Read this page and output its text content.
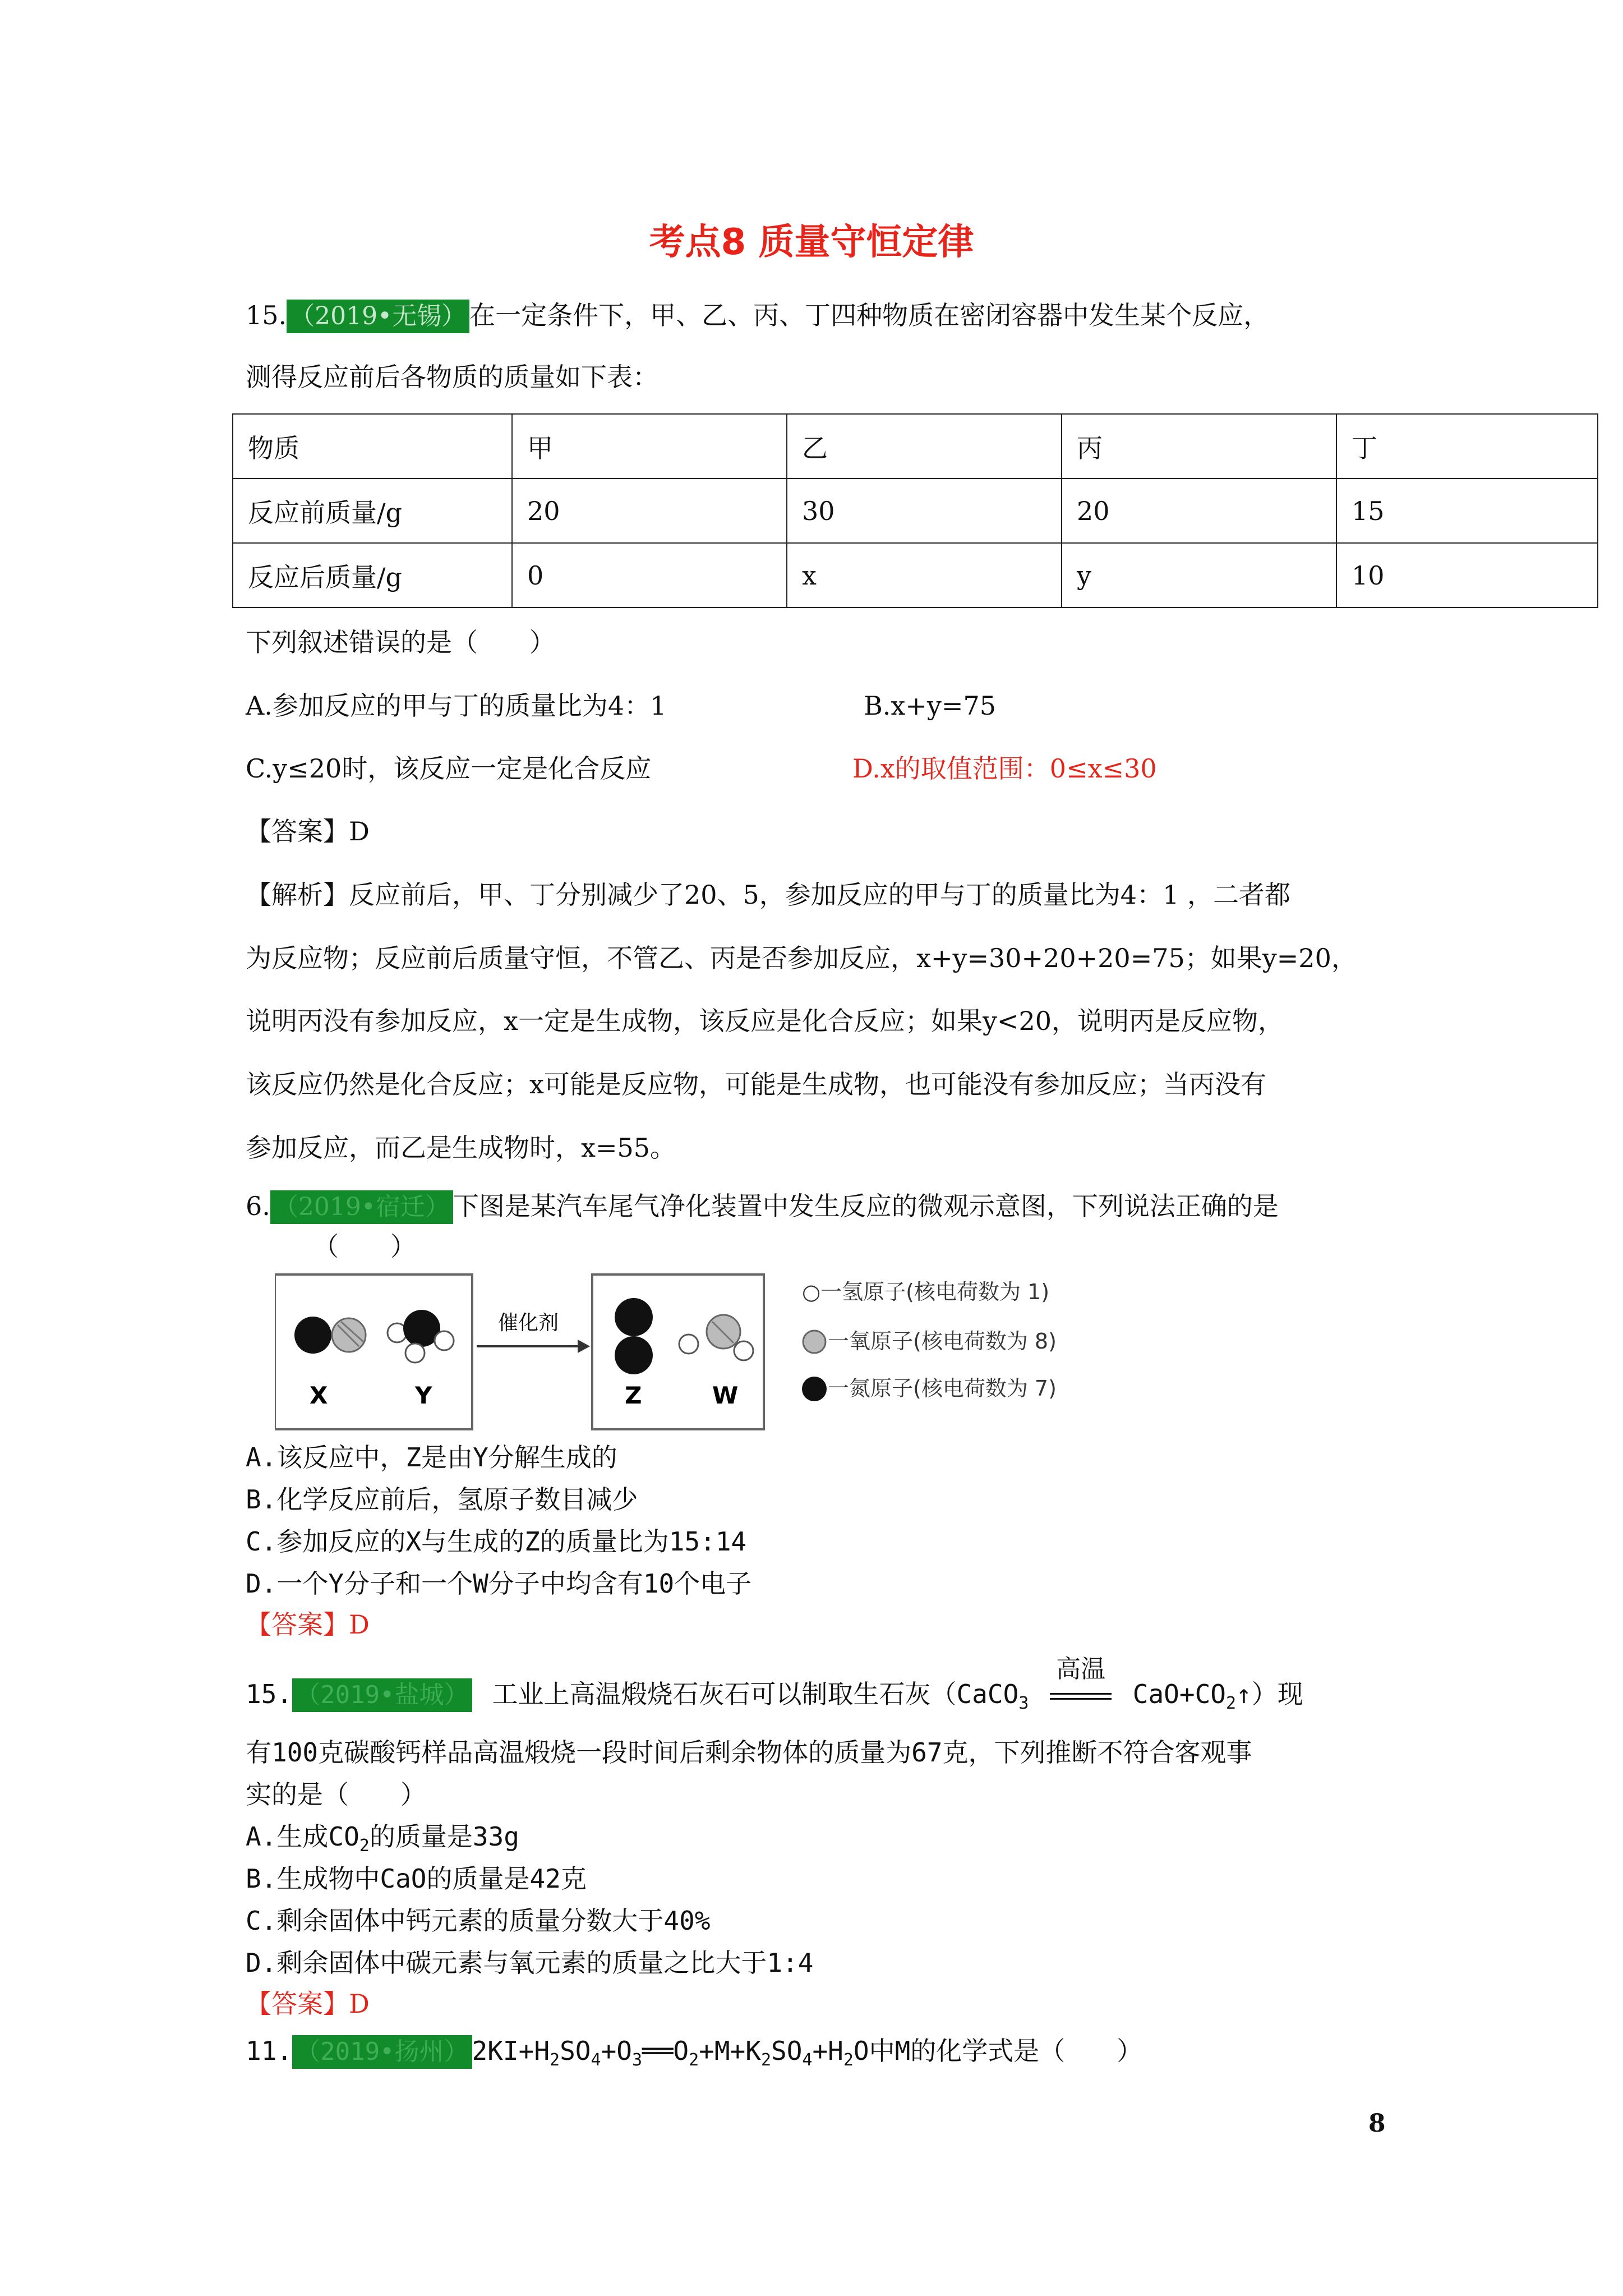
考点8 质量守恒定律
15. （2019•无锡） 在一定条件下，甲、乙、丙、丁四种物质在密闭容器中发生某个反应，
测得反应前后各物质的质量如下表：
物质	甲	乙	丙	丁
反应前质量/g	20	30	20	15
反应后质量/g	0	x	y	10
下列叙述错误的是（　　）
A.参加反应的甲与丁的质量比为4：1	B.x+y=75
C.y≤20时，该反应一定是化合反应	D.x的取值范围：0≤x≤30
【答案】D
【解析】反应前后，甲、丁分别减少了20、5，参加反应的甲与丁的质量比为4：1 ，二者都
为反应物；反应前后质量守恒，不管乙、丙是否参加反应，x+y=30+20+20=75；如果y=20，
说明丙没有参加反应，x一定是生成物，该反应是化合反应；如果y<20，说明丙是反应物，
该反应仍然是化合反应；x可能是反应物，可能是生成物，也可能没有参加反应；当丙没有
参加反应，而乙是生成物时，x=55。
6. （2019•宿迁） 下图是某汽车尾气净化装置中发生反应的微观示意图，下列说法正确的是
（　　）
X	Y
催化剂
Z	W
○一氢原子(核电荷数为 1)
一氧原子(核电荷数为 8)
一氮原子(核电荷数为 7)
A.该反应中，Z是由Y分解生成的
B.化学反应前后，氢原子数目减少
C.参加反应的X与生成的Z的质量比为15:14
D.一个Y分子和一个W分子中均含有10个电子
【答案】D
15. （2019•盐城） 工业上高温煅烧石灰石可以制取生石灰（CaCO$_3$
高温
$CaO+CO_2↑$）现
有100克碳酸钙样品高温煅烧一段时间后剩余物体的质量为67克，下列推断不符合客观事
实的是（　　）
A.生成$CO_2$的质量是33g
B.生成物中CaO的质量是42克
C.剩余固体中钙元素的质量分数大于40%
D.剩余固体中碳元素与氧元素的质量之比大于1:4
【答案】D
11. （2019•扬州） $2KI+H_2SO_4+O_3══O_2+M+K_2SO_4+H_2O$中M的化学式是（　　）
8
